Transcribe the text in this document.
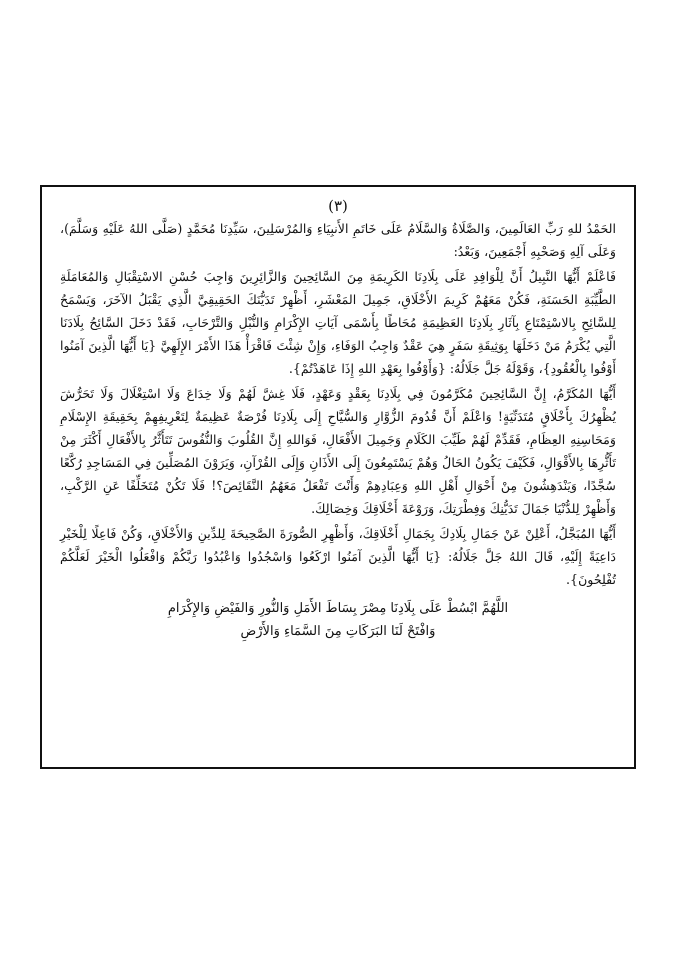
(٣)

الحَمْدُ للهِ رَبِّ العَالَمِينَ، وَالصَّلَاةُ وَالسَّلَامُ عَلَى خَاتَمِ الأَنبِيَاءِ وَالمُرْسَلِينَ، سَيِّدِنَا مُحَمَّدٍ (صَلَّى اللهُ عَلَيْهِ وَسَلَّمَ)، وَعَلَى آلِهِ وَصَحْبِهِ أَجْمَعِينَ، وَبَعْدُ:

فَاعْلَمْ أَيُّهَا النَّبِيلُ أَنَّ لِلْوَافِدِ عَلَى بِلَادِنَا الكَرِيمَةِ مِنَ السَّائِحِينَ وَالزَّائِرِينَ وَاجِبَ حُسْنِ الاسْتِقْبَالِ وَالمُعَامَلَةِ الطَّيِّبَةِ الحَسَنَةِ، فَكُنْ مَعَهُمْ كَرِيمَ الأَخْلَاقِ، جَمِيلَ المَعْشَرِ، أَظْهِرْ تَدَيُّنَكَ الحَقِيقِيَّ الَّذِي يَقْبَلُ الآخَرَ، وَيَسْمَحُ لِلسَّائِحِ بِالاسْتِمْتَاعِ بِآثَارِ بِلَادِنَا العَظِيمَةِ مُحَاطًا بِأَسْمَى آيَاتِ الإِكْرَامِ وَالنُّبْلِ وَالتَّرْحَابِ، فَقَدْ دَخَلَ السَّائِحُ بِلَادَنَا الَّتِي يُكْرَمُ مَنْ دَخَلَهَا بِوَثِيقَةِ سَفَرٍ هِيَ عَقْدٌ وَاجِبُ الوَفَاءِ، وَإِنْ شِئْتَ فَاقْرَأْ هَذَا الأَمْرَ الإِلَهِيَّ {يَا أَيُّهَا الَّذِينَ آمَنُوا أَوْفُوا بِالْعُقُودِ}، وَقَوْلَهُ جَلَّ جَلَالُهُ: {وَأَوْفُوا بِعَهْدِ اللهِ إِذَا عَاهَدْتُمْ}.

أَيُّهَا المُكَرَّمُ، إِنَّ السَّائِحِينَ مُكَرَّمُونَ فِي بِلَادِنَا بِعَقْدٍ وَعَهْدٍ، فَلَا غِشَّ لَهُمْ وَلَا خِدَاعَ وَلَا اسْتِغْلَالَ وَلَا تَحَرُّشَ يُظْهِرُكَ بِأَخْلَاقٍ مُتَدَنِّيَةٍ! وَاعْلَمْ أَنَّ قُدُومَ الزُّوَّارِ وَالسُّيَّاحِ إِلَى بِلَادِنَا فُرْصَةٌ عَظِيمَةٌ لِتَعْرِيفِهِمْ بِحَقِيقَةِ الإِسْلَامِ وَمَحَاسِنِهِ العِظَامِ، فَقَدِّمْ لَهُمْ طَيِّبَ الكَلَامِ وَجَمِيلَ الأَفْعَالِ، فَوَاللهِ إِنَّ القُلُوبَ وَالنُّفُوسَ تَتَأَثَّرُ بِالأَفْعَالِ أَكْثَرَ مِنْ تَأَثُّرِهَا بِالأَقْوَالِ، فَكَيْفَ يَكُونُ الحَالُ وَهُمْ يَسْتَمِعُونَ إِلَى الأَذَانِ وَإِلَى القُرْآنِ، وَيَرَوْنَ المُصَلِّينَ فِي المَسَاجِدِ رُكَّعًا سُجَّدًا، وَيَنْدَهِشُونَ مِنْ أَحْوَالِ أَهْلِ اللهِ وَعِبَادِهِمْ وَأَنْتَ تَفْعَلُ مَعَهُمُ النَّقَائِصَ؟! فَلَا تَكُنْ مُتَخَلِّفًا عَنِ الرَّكْبِ، وَأَظْهِرْ لِلدُّنْيَا جَمَالَ تَدَيُّنِكَ وَفِطْرَتِكَ، وَرَوْعَةَ أَخْلَاقِكَ وَخِصَالِكَ.

أَيُّهَا المُبَجَّلُ، أَعْلِنْ عَنْ جَمَالِ بِلَادِكَ بِجَمَالِ أَخْلَاقِكَ، وَأَظْهِرِ الصُّورَةَ الصَّحِيحَةَ لِلدِّينِ وَالأَخْلَاقِ، وَكُنْ فَاعِلًا لِلْخَيْرِ دَاعِيَةً إِلَيْهِ، قَالَ اللهُ جَلَّ جَلَالُهُ: {يَا أَيُّهَا الَّذِينَ آمَنُوا ارْكَعُوا وَاسْجُدُوا وَاعْبُدُوا رَبَّكُمْ وَافْعَلُوا الْخَيْرَ لَعَلَّكُمْ تُفْلِحُونَ}.

اللَّهُمَّ ابْسُطْ عَلَى بِلَادِنَا مِصْرَ بِسَاطَ الأَمَلِ وَالنُّورِ وَالفَيْضِ وَالإِكْرَامِ

وَافْتَحْ لَنَا البَرَكَاتِ مِنَ السَّمَاءِ وَالأَرْضِ
